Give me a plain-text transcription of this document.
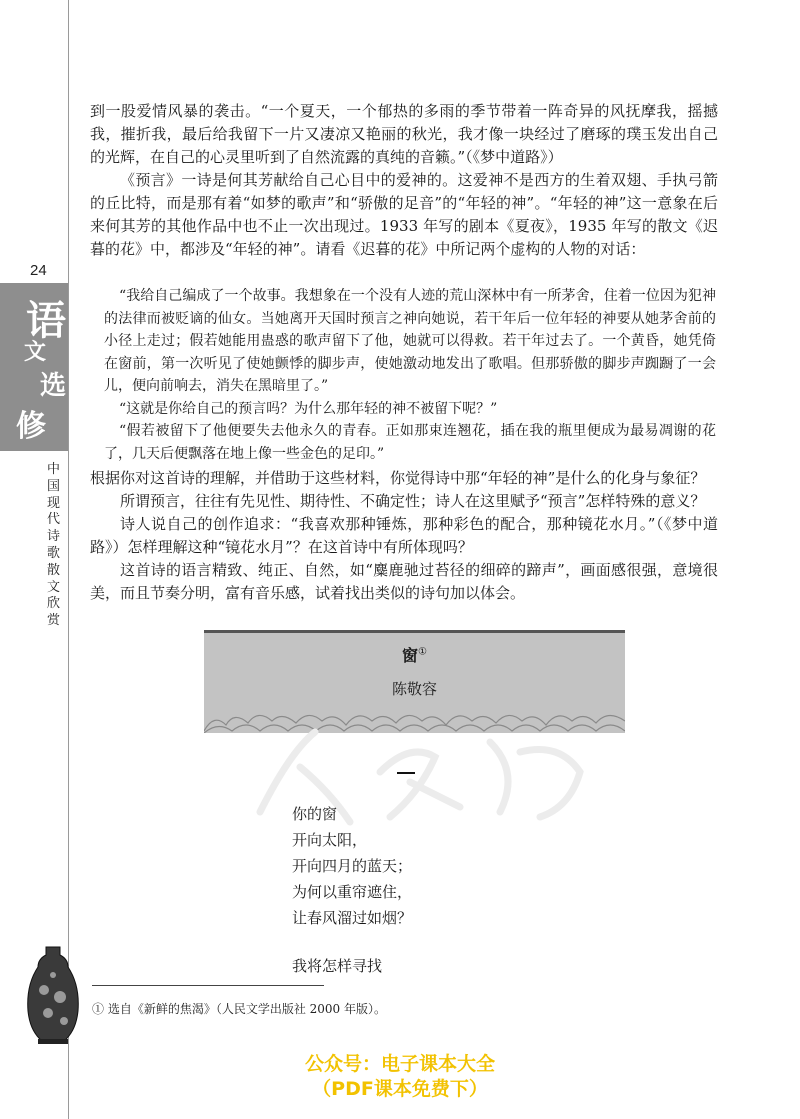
24
语
文
选
修
中国现代诗歌散文欣赏

到一股爱情风暴的袭击。“一个夏天，一个郁热的多雨的季节带着一阵奇异的风抚摩我，摇撼我，摧折我，最后给我留下一片又凄凉又艳丽的秋光，我才像一块经过了磨琢的璞玉发出自己的光辉，在自己的心灵里听到了自然流露的真纯的音籁。”（《梦中道路》）

《预言》一诗是何其芳献给自己心目中的爱神的。这爱神不是西方的生着双翅、手执弓箭的丘比特，而是那有着“如梦的歌声”和“骄傲的足音”的“年轻的神”。“年轻的神”这一意象在后来何其芳的其他作品中也不止一次出现过。1933 年写的剧本《夏夜》，1935 年写的散文《迟暮的花》中，都涉及“年轻的神”。请看《迟暮的花》中所记两个虚构的人物的对话：

“我给自己编成了一个故事。我想象在一个没有人迹的荒山深林中有一所茅舍，住着一位因为犯神的法律而被贬谪的仙女。当她离开天国时预言之神向她说，若干年后一位年轻的神要从她茅舍前的小径上走过；假若她能用蛊惑的歌声留下了他，她就可以得救。若干年过去了。一个黄昏，她凭倚在窗前，第一次听见了使她颤悸的脚步声，使她激动地发出了歌唱。但那骄傲的脚步声踟蹰了一会儿，便向前响去，消失在黑暗里了。”

“这就是你给自己的预言吗？为什么那年轻的神不被留下呢？”

“假若被留下了他便要失去他永久的青春。正如那束连翘花，插在我的瓶里便成为最易凋谢的花了，几天后便飘落在地上像一些金色的足印。”

根据你对这首诗的理解，并借助于这些材料，你觉得诗中那“年轻的神”是什么的化身与象征？

所谓预言，往往有先见性、期待性、不确定性；诗人在这里赋予“预言”怎样特殊的意义？

诗人说自己的创作追求：“我喜欢那种锤炼，那种彩色的配合，那种镜花水月。”（《梦中道路》）怎样理解这种“镜花水月”？在这首诗中有所体现吗？

这首诗的语言精致、纯正、自然，如“麋鹿驰过苔径的细碎的蹄声”，画面感很强，意境很美，而且节奏分明，富有音乐感，试着找出类似的诗句加以体会。

窗①
陈敬容
你的窗
开向太阳，
开向四月的蓝天；
为何以重帘遮住，
让春风溜过如烟？
我将怎样寻找
① 选自《新鲜的焦渴》（人民文学出版社 2000 年版）。
公众号：电子课本大全
（PDF课本免费下）
